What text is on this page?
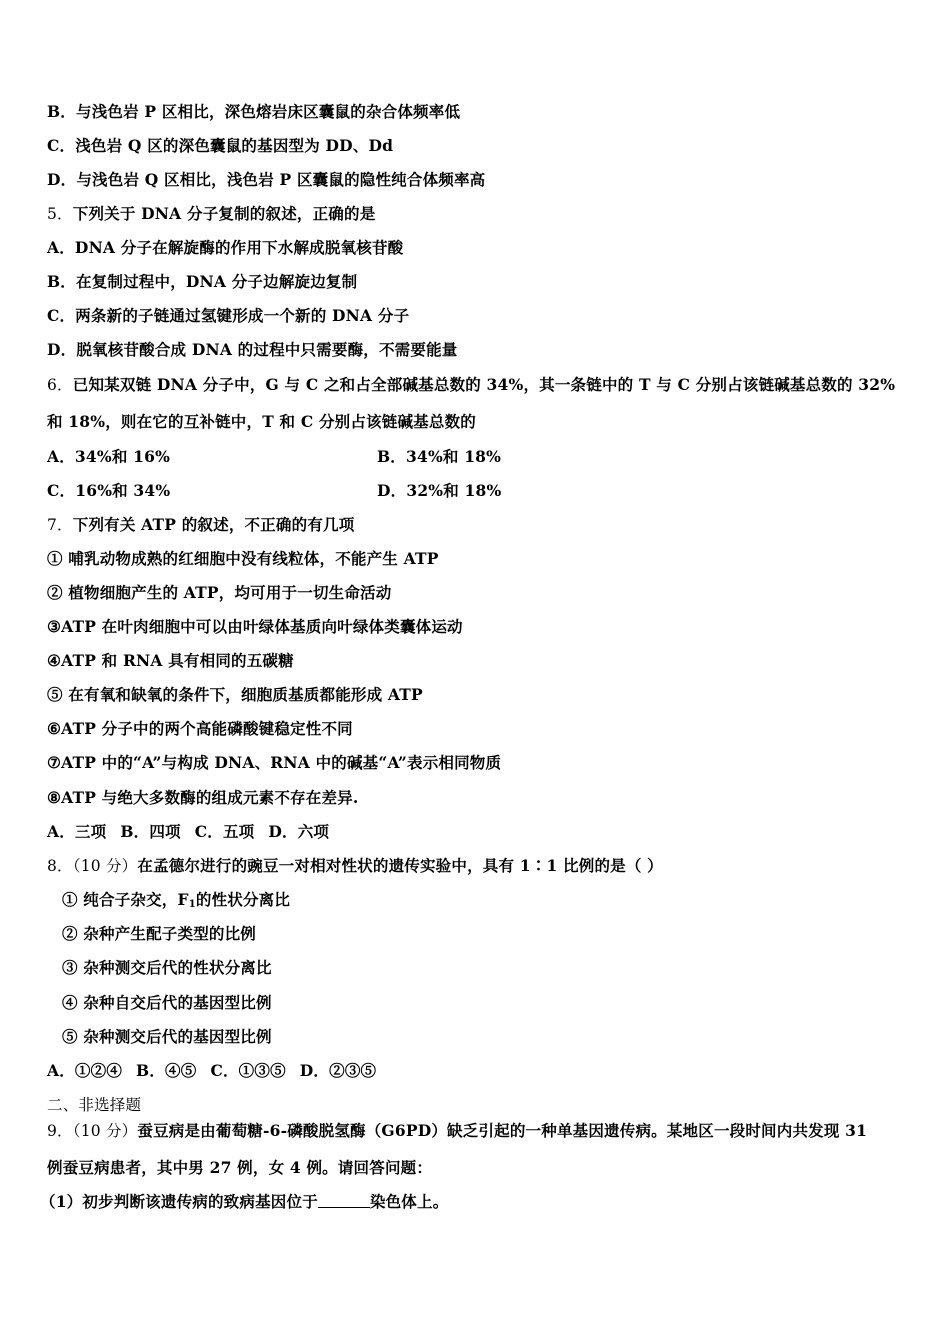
B．与浅色岩 P 区相比，深色熔岩床区囊鼠的杂合体频率低
C．浅色岩 Q 区的深色囊鼠的基因型为 DD、Dd
D．与浅色岩 Q 区相比，浅色岩 P 区囊鼠的隐性纯合体频率高
5．下列关于 DNA 分子复制的叙述，正确的是
A．DNA 分子在解旋酶的作用下水解成脱氧核苷酸
B．在复制过程中，DNA 分子边解旋边复制
C．两条新的子链通过氢键形成一个新的 DNA 分子
D．脱氧核苷酸合成 DNA 的过程中只需要酶，不需要能量
6．已知某双链 DNA 分子中，G 与 C 之和占全部碱基总数的 34%，其一条链中的 T 与 C 分别占该链碱基总数的 32%
和 18%，则在它的互补链中，T 和 C 分别占该链碱基总数的
A．34%和 16%	B．34%和 18%
C．16%和 34%	D．32%和 18%
7．下列有关 ATP 的叙述，不正确的有几项
① 哺乳动物成熟的红细胞中没有线粒体，不能产生 ATP
② 植物细胞产生的 ATP，均可用于一切生命活动
③ATP 在叶肉细胞中可以由叶绿体基质向叶绿体类囊体运动
④ATP 和 RNA 具有相同的五碳糖
⑤ 在有氧和缺氧的条件下，细胞质基质都能形成 ATP
⑥ATP 分子中的两个高能磷酸键稳定性不同
⑦ATP 中的“A”与构成 DNA、RNA 中的碱基“A”表示相同物质
⑧ATP 与绝大多数酶的组成元素不存在差异.
A．三项 B．四项 C．五项 D．六项
8．（10 分）在孟德尔进行的豌豆一对相对性状的遗传实验中，具有 1∶1 比例的是（ ）
① 纯合子杂交，$F_1$的性状分离比
② 杂种产生配子类型的比例
③ 杂种测交后代的性状分离比
④ 杂种自交后代的基因型比例
⑤ 杂种测交后代的基因型比例
A．①②④ B．④⑤ C．①③⑤ D．②③⑤
二、非选择题
9．（10 分）蚕豆病是由葡萄糖-6-磷酸脱氢酶（G6PD）缺乏引起的一种单基因遗传病。某地区一段时间内共发现 31
例蚕豆病患者，其中男 27 例，女 4 例。请回答问题：
（1）初步判断该遗传病的致病基因位于	染色体上。
